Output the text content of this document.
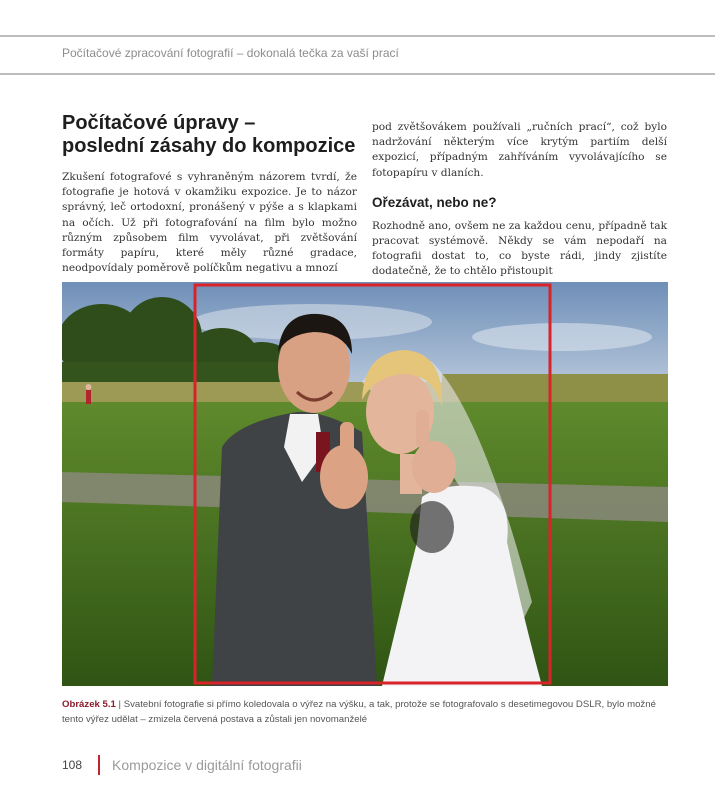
Počítačové zpracování fotografií – dokonalá tečka za vaší prací
Počítačové úpravy –
poslední zásahy do kompozice

Zkušení fotografové s vyhraněným názorem tvrdí, že fotografie je hotová v okamžiku expozice. Je to názor správný, leč ortodoxní, pronášený v pýše a s klapkami na očích. Už při fotografování na film bylo možno různým způsobem film vyvolávat, při zvětšování formáty papíru, které měly různé gradace, neodpovídaly poměrově políčkům negativu a mnozí

pod zvětšovákem používali „ručních prací“, což bylo nadržování některým více krytým partiím delší expozicí, případným zahříváním vyvolávajícího se fotopapíru v dlaních.

Ořezávat, nebo ne?

Rozhodně ano, ovšem ne za každou cenu, případně tak pracovat systémově. Někdy se vám nepodaří na fotografii dostat to, co byste rádi, jindy zjistíte dodatečně, že to chtělo přistoupit

Obrázek 5.1 | Svatební fotografie si přímo koledovala o výřez na výšku, a tak, protože se fotografovalo s desetimegovou DSLR, bylo možné tento výřez udělat – zmizela červená postava a zůstali jen novomanželé
108 Kompozice v digitální fotografii
